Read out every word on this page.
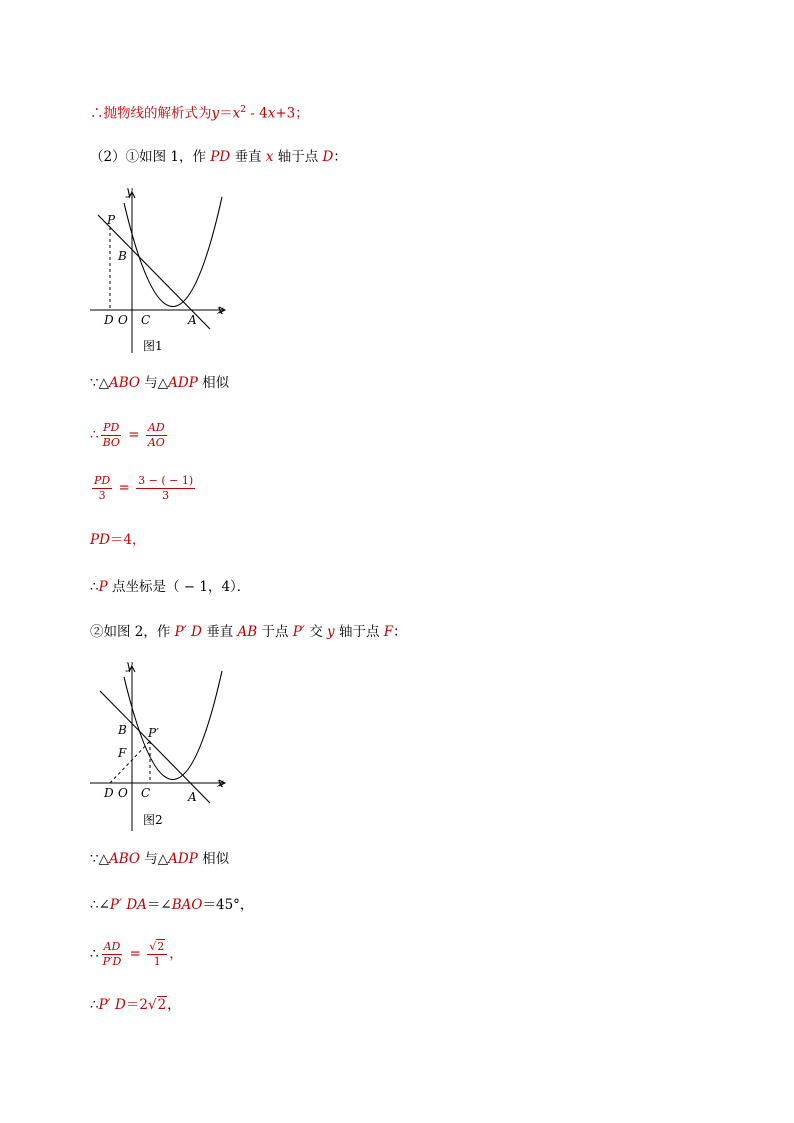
∴抛物线的解析式为$y=x^2 - 4x+3$；
（2）①如图 1，作 PD 垂直 x 轴于点 D：
y
x
P
B
D O C	A
图1
∵△ABO 与△ADP 相似
∴ $\frac{PD}{BO} = \frac{AD}{AO}$
$\frac{PD}{3} = \frac{3 - ( - 1)}{3}$
PD＝4，
∴P 点坐标是（ − 1，4）．
②如图 2，作 P′ D 垂直 AB 于点 P′ 交 y 轴于点 F：
y
x
B P′
F
D O C	A
图2
∵△ABO 与△ADP 相似
∴∠P′ DA＝∠BAO＝45°，
∴ $\frac{AD}{P'D} = \frac{√2}{1}$ ，
∴P′ D＝2√2，
